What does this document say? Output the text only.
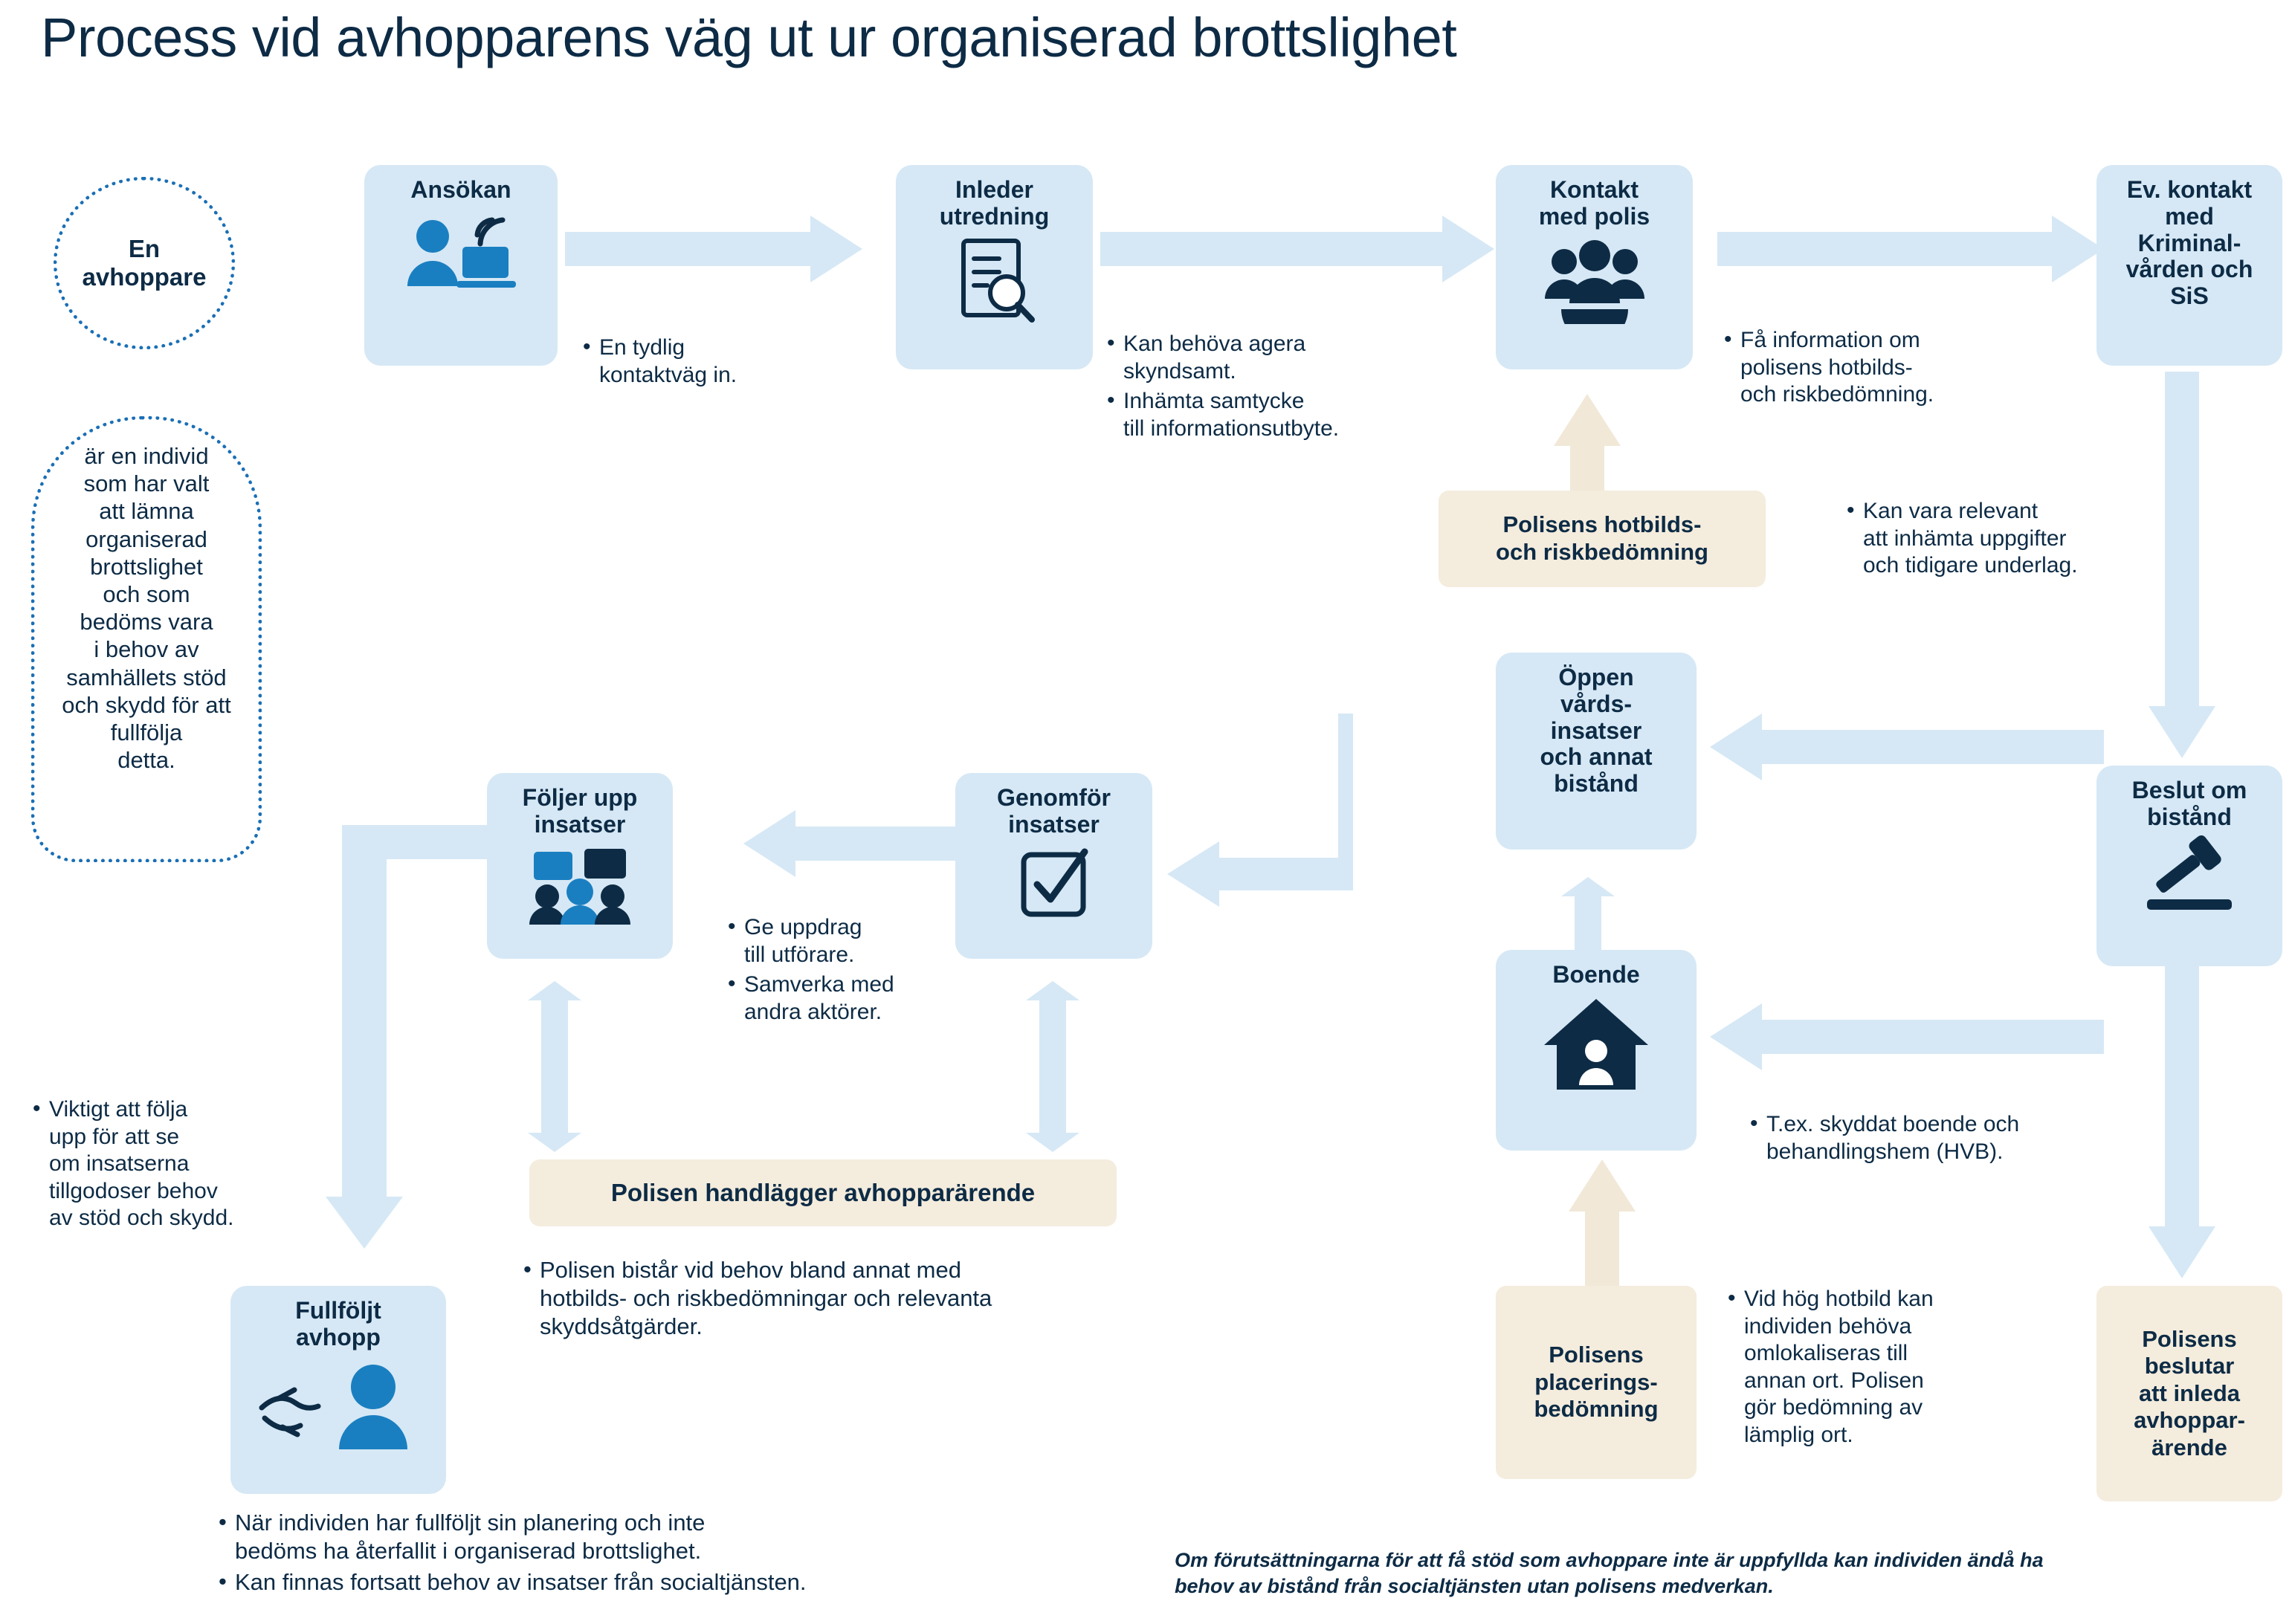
Process vid avhopparens väg ut ur organiserad brottslighet
En
avhoppare
är en individ
som har valt
att lämna
organiserad
brottslighet
och som
bedöms vara
i behov av
samhällets stöd
och skydd för att
fullfölja
detta.
Ansökan	Inleder
utredning
Kontakt
med polis
Ev. kontakt
med
Kriminal-
vården och
SiS
Beslut om
bistånd
Öppen
vårds-
insatser
och annat
bistånd
Boende
Genomför
insatser
Följer upp
insatser
Fullföljt
avhopp
Polisens hotbilds-
och riskbedömning
Polisen handlägger avhopparärende
Polisens
placerings-
bedömning
Polisens
beslutar
att inleda
avhoppar-
ärende
• En tydlig
kontaktväg in.
• Kan behöva agera
skyndsamt.
• Inhämta samtycke
till informationsutbyte.
• Få information om
polisens hotbilds-
och riskbedömning.
• Kan vara relevant
att inhämta uppgifter
och tidigare underlag.
• Ge uppdrag
till utförare.
• Samverka med
andra aktörer.
• T.ex. skyddat boende och
behandlingshem (HVB).
• Vid hög hotbild kan
individen behöva
omlokaliseras till
annan ort. Polisen
gör bedömning av
lämplig ort.
• Viktigt att följa
upp för att se
om insatserna
tillgodoser behov
av stöd och skydd.
• Polisen bistår vid behov bland annat med
hotbilds- och riskbedömningar och relevanta
skyddsåtgärder.
• När individen har fullföljt sin planering och inte
bedöms ha återfallit i organiserad brottslighet.
• Kan finnas fortsatt behov av insatser från socialtjänsten.
Om förutsättningarna för att få stöd som avhoppare inte är uppfyllda kan individen ändå ha
behov av bistånd från socialtjänsten utan polisens medverkan.
